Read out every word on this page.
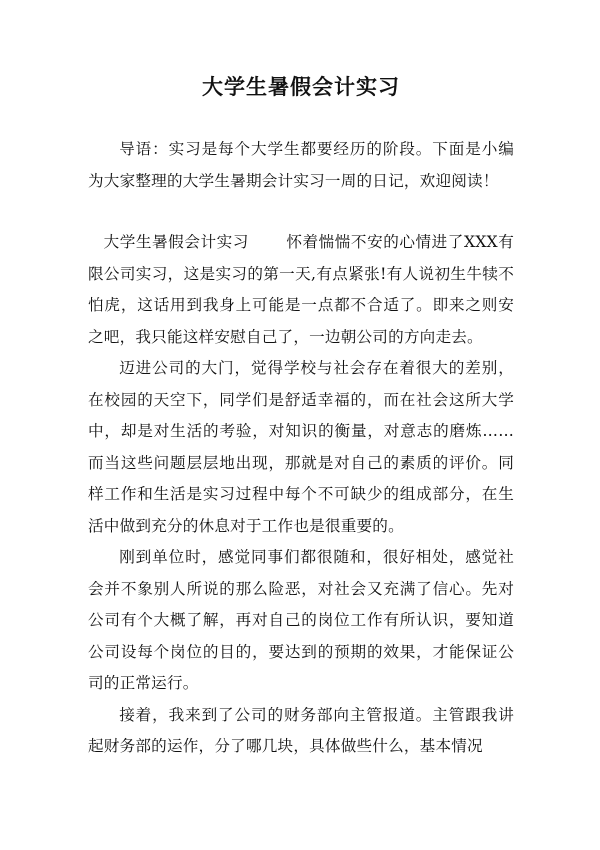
大学生暑假会计实习

导语：实习是每个大学生都要经历的阶段。下面是小编为大家整理的大学生暑期会计实习一周的日记，欢迎阅读！

大学生暑假会计实习 怀着惴惴不安的心情进了XXX有限公司实习，这是实习的第一天,有点紧张!有人说初生牛犊不怕虎，这话用到我身上可能是一点都不合适了。即来之则安之吧，我只能这样安慰自己了，一边朝公司的方向走去。

迈进公司的大门，觉得学校与社会存在着很大的差别，在校园的天空下，同学们是舒适幸福的，而在社会这所大学中，却是对生活的考验，对知识的衡量，对意志的磨炼……而当这些问题层层地出现，那就是对自己的素质的评价。同样工作和生活是实习过程中每个不可缺少的组成部分，在生活中做到充分的休息对于工作也是很重要的。

刚到单位时，感觉同事们都很随和，很好相处，感觉社会并不象别人所说的那么险恶，对社会又充满了信心。先对公司有个大概了解，再对自己的岗位工作有所认识，要知道公司设每个岗位的目的，要达到的预期的效果，才能保证公司的正常运行。

接着，我来到了公司的财务部向主管报道。主管跟我讲起财务部的运作，分了哪几块，具体做些什么，基本情况
